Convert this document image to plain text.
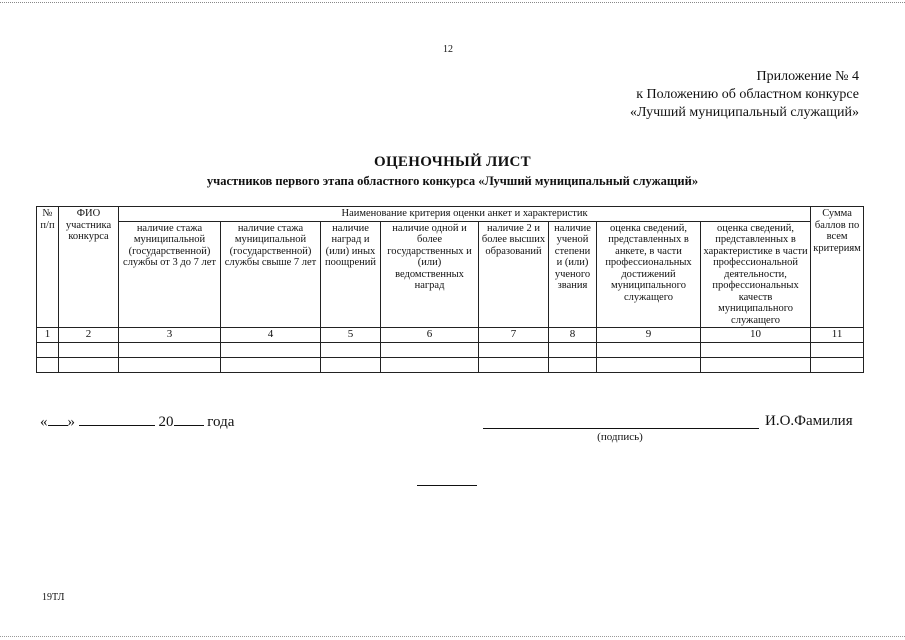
12
Приложение № 4
к Положению об областном конкурсе
«Лучший муниципальный служащий»
ОЦЕНОЧНЫЙ ЛИСТ
участников первого этапа областного конкурса «Лучший муниципальный служащий»
№ п/п	ФИО участника конкурса	Наименование критерия оценки анкет и характеристик								Сумма баллов по всем критериям
		наличие стажа муниципальной (государственной) службы от 3 до 7 лет	наличие стажа муниципальной (государственной) службы свыше 7 лет	наличие наград и (или) иных поощрений	наличие одной и более государственных и (или) ведомственных наград	наличие 2 и более высших образований	наличие ученой степени и (или) ученого звания	оценка сведений, представленных в анкете, в части профессиональных достижений муниципального служащего	оценка сведений, представленных в характеристике в части профессиональной деятельности, профессиональных качеств муниципального служащего	
1	2	3	4	5	6	7	8	9	10	11

« »	20 года	И.О.Фамилия
(подпись)
19ТЛ
